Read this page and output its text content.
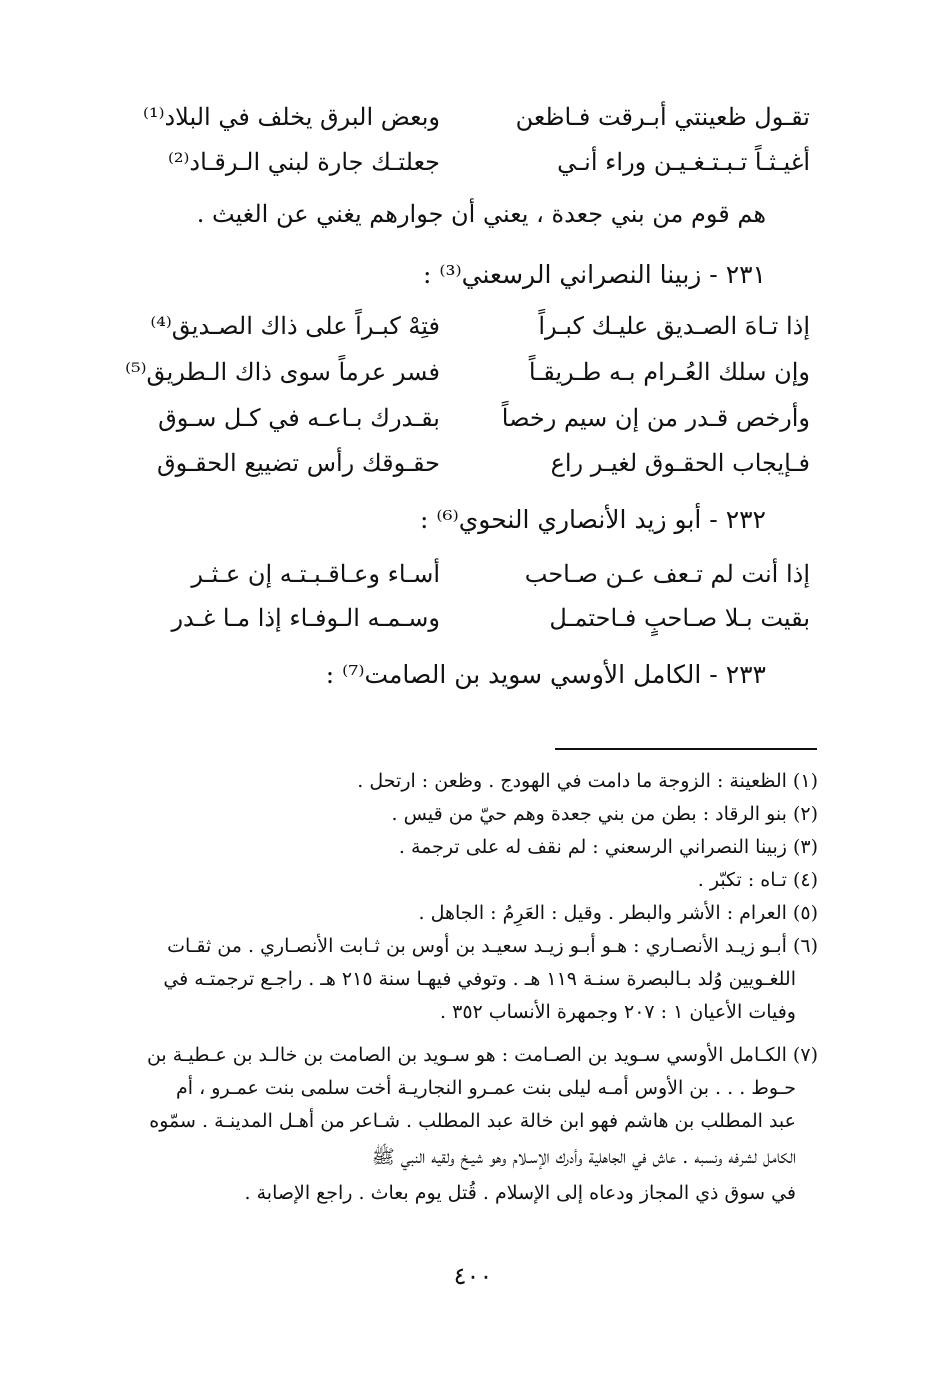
تقـول ظعينتي أبـرقت فـاظعن
وبعض البرق يخلف في البلاد⁽¹⁾
أغيـثـاً تـبـتـغـيـن وراء أنـي
جعلتـك جارة لبني الـرقـاد⁽²⁾
هم قوم من بني جعدة ، يعني أن جوارهم يغني عن الغيث .
٢٣١ - زبينا النصراني الرسعني⁽³⁾ :
إذا تـاهَ الصـديق عليـك كبـراً
فتِهْ كبـراً على ذاك الصـديق⁽⁴⁾
وإن سلك العُـرام بـه طـريقـاً
فسر عرماً سوى ذاك الـطريق⁽⁵⁾
وأرخص قـدر من إن سيم رخصاً
بقـدرك بـاعـه في كـل سـوق
فـإيجاب الحقـوق لغيـر راع
حقـوقك رأس تضييع الحقـوق
٢٣٢ - أبو زيد الأنصاري النحوي⁽⁶⁾ :
إذا أنت لم تـعف عـن صـاحب
أسـاء وعـاقـبـتـه إن عـثـر
بقيت بـلا صـاحبٍ فـاحتمـل
وسـمـه الـوفـاء إذا مـا غـدر
٢٣٣ - الكامل الأوسي سويد بن الصامت⁽⁷⁾ :
(١) الظعينة : الزوجة ما دامت في الهودج . وظعن : ارتحل .
(٢) بنو الرقاد : بطن من بني جعدة وهم حيّ من قيس .
(٣) زبينا النصراني الرسعني : لم نقف له على ترجمة .
(٤) تـاه : تكبّر .
(٥) العرام : الأشر والبطر . وقيل : العَرِمُ : الجاهل .
(٦) أبـو زيـد الأنصـاري : هـو أبـو زيـد سعيـد بن أوس بن ثـابت الأنصـاري . من ثقـات
اللغـويين وُلد بـالبصرة سنـة ١١٩ هـ . وتوفي فيهـا سنة ٢١٥ هـ . راجـع ترجمتـه في
وفيات الأعيان ١ : ٢٠٧ وجمهرة الأنساب ٣٥٢ .
(٧) الكـامل الأوسي سـويد بن الصـامت : هو سـويد بن الصامت بن خالـد بن عـطيـة بن
حـوط . . . بن الأوس أمـه ليلى بنت عمـرو النجاريـة أخت سلمى بنت عمـرو ، أم
عبد المطلب بن هاشم فهو ابن خالة عبد المطلب . شـاعر من أهـل المدينـة . سمّوه
الكامل لشرفه ونسبه . عاش في الجاهلية وأدرك الإسـلام وهو شيـخ ولقيه النبي ﷺ
في سوق ذي المجاز ودعاه إلى الإسلام . قُتل يوم بعاث . راجع الإصابة .
٤٠٠
